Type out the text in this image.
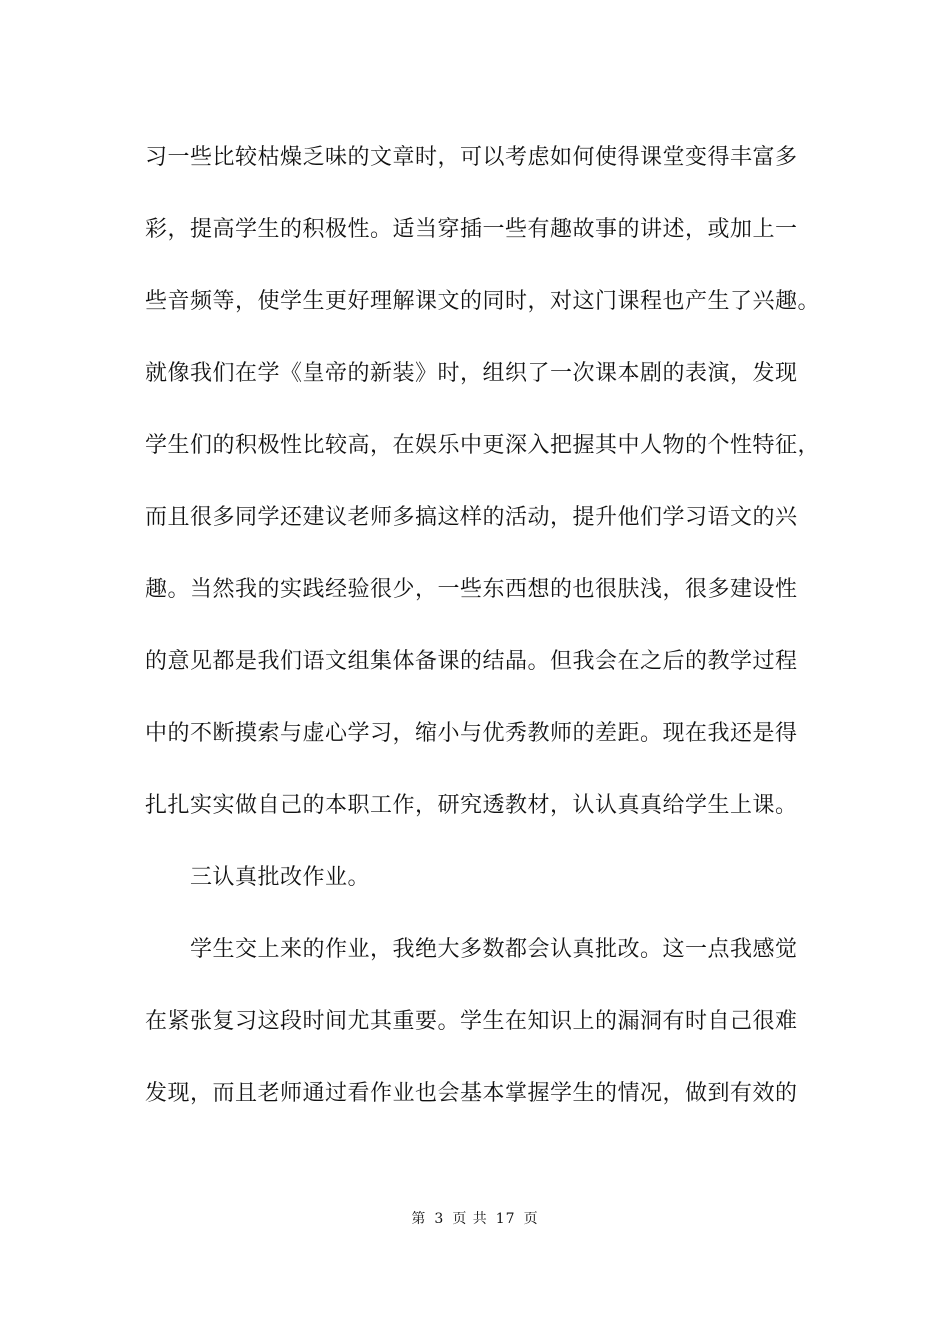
习一些比较枯燥乏味的文章时，可以考虑如何使得课堂变得丰富多
彩，提高学生的积极性。适当穿插一些有趣故事的讲述，或加上一
些音频等，使学生更好理解课文的同时，对这门课程也产生了兴趣。
就像我们在学《皇帝的新装》时，组织了一次课本剧的表演，发现
学生们的积极性比较高，在娱乐中更深入把握其中人物的个性特征，
而且很多同学还建议老师多搞这样的活动，提升他们学习语文的兴
趣。当然我的实践经验很少，一些东西想的也很肤浅，很多建设性
的意见都是我们语文组集体备课的结晶。但我会在之后的教学过程
中的不断摸索与虚心学习，缩小与优秀教师的差距。现在我还是得
扎扎实实做自己的本职工作，研究透教材，认认真真给学生上课。
三认真批改作业。
学生交上来的作业，我绝大多数都会认真批改。这一点我感觉
在紧张复习这段时间尤其重要。学生在知识上的漏洞有时自己很难
发现，而且老师通过看作业也会基本掌握学生的情况，做到有效的
第 3 页 共 17 页
